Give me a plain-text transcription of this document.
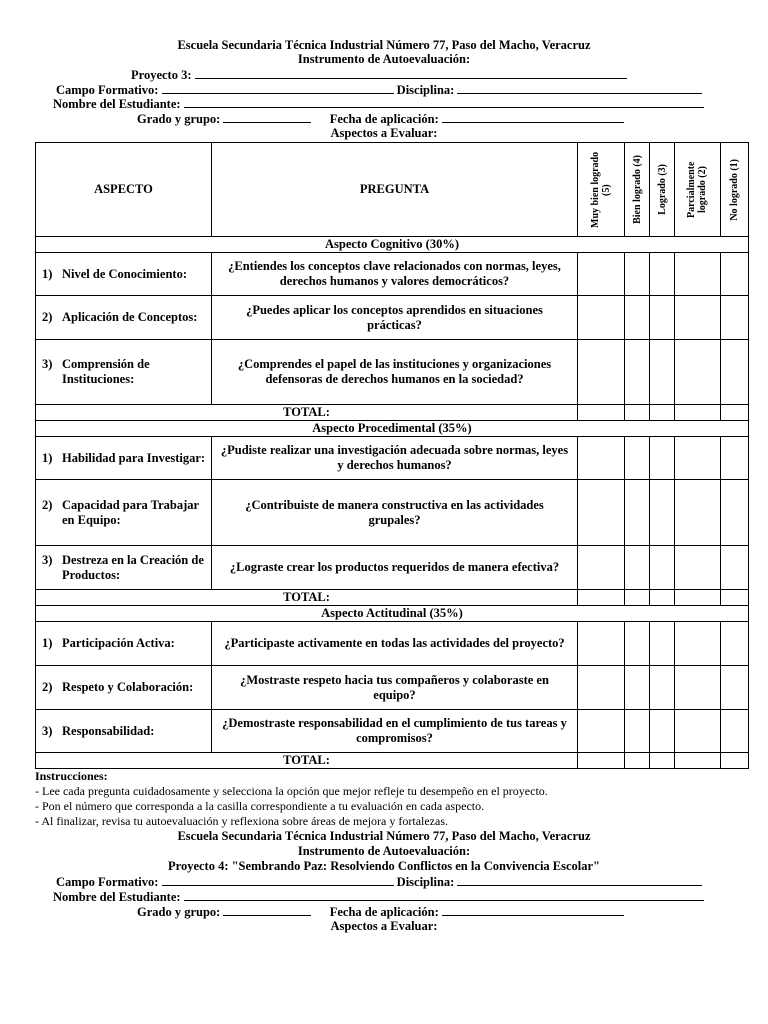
Escuela Secundaria Técnica Industrial Número 77, Paso del Macho, Veracruz
Instrumento de Autoevaluación:
Proyecto 3:
Campo Formativo:	Disciplina:
Nombre del Estudiante:
Grado y grupo:	Fecha de aplicación:
Aspectos a Evaluar:
ASPECTO	PREGUNTA	Muy bien logrado (5)	Bien logrado (4)	Logrado (3)	Parcialmente logrado (2)	No logrado (1)

Aspecto Cognitivo (30%)						
1) Nivel de Conocimiento:	¿Entiendes los conceptos clave relacionados con normas, leyes, derechos humanos y valores democráticos?					
2) Aplicación de Conceptos:	¿Puedes aplicar los conceptos aprendidos en situaciones prácticas?					
3) Comprensión de Instituciones:	¿Comprendes el papel de las instituciones y organizaciones defensoras de derechos humanos en la sociedad?					
TOTAL:						
Aspecto Procedimental (35%)						
1) Habilidad para Investigar:	¿Pudiste realizar una investigación adecuada sobre normas, leyes y derechos humanos?					
2) Capacidad para Trabajar en Equipo:	¿Contribuiste de manera constructiva en las actividades grupales?					
3) Destreza en la Creación de Productos:	¿Lograste crear los productos requeridos de manera efectiva?					
TOTAL:						
Aspecto Actitudinal (35%)						
1) Participación Activa:	¿Participaste activamente en todas las actividades del proyecto?					
2) Respeto y Colaboración:	¿Mostraste respeto hacia tus compañeros y colaboraste en equipo?					
3) Responsabilidad:	¿Demostraste responsabilidad en el cumplimiento de tus tareas y compromisos?					
TOTAL:						
Instrucciones:
- Lee cada pregunta cuidadosamente y selecciona la opción que mejor refleje tu desempeño en el proyecto.
- Pon el número que corresponda a la casilla correspondiente a tu evaluación en cada aspecto.
- Al finalizar, revisa tu autoevaluación y reflexiona sobre áreas de mejora y fortalezas.
Escuela Secundaria Técnica Industrial Número 77, Paso del Macho, Veracruz
Instrumento de Autoevaluación:
Proyecto 4: "Sembrando Paz: Resolviendo Conflictos en la Convivencia Escolar"
Campo Formativo:	Disciplina:
Nombre del Estudiante:
Grado y grupo:	Fecha de aplicación:
Aspectos a Evaluar:
